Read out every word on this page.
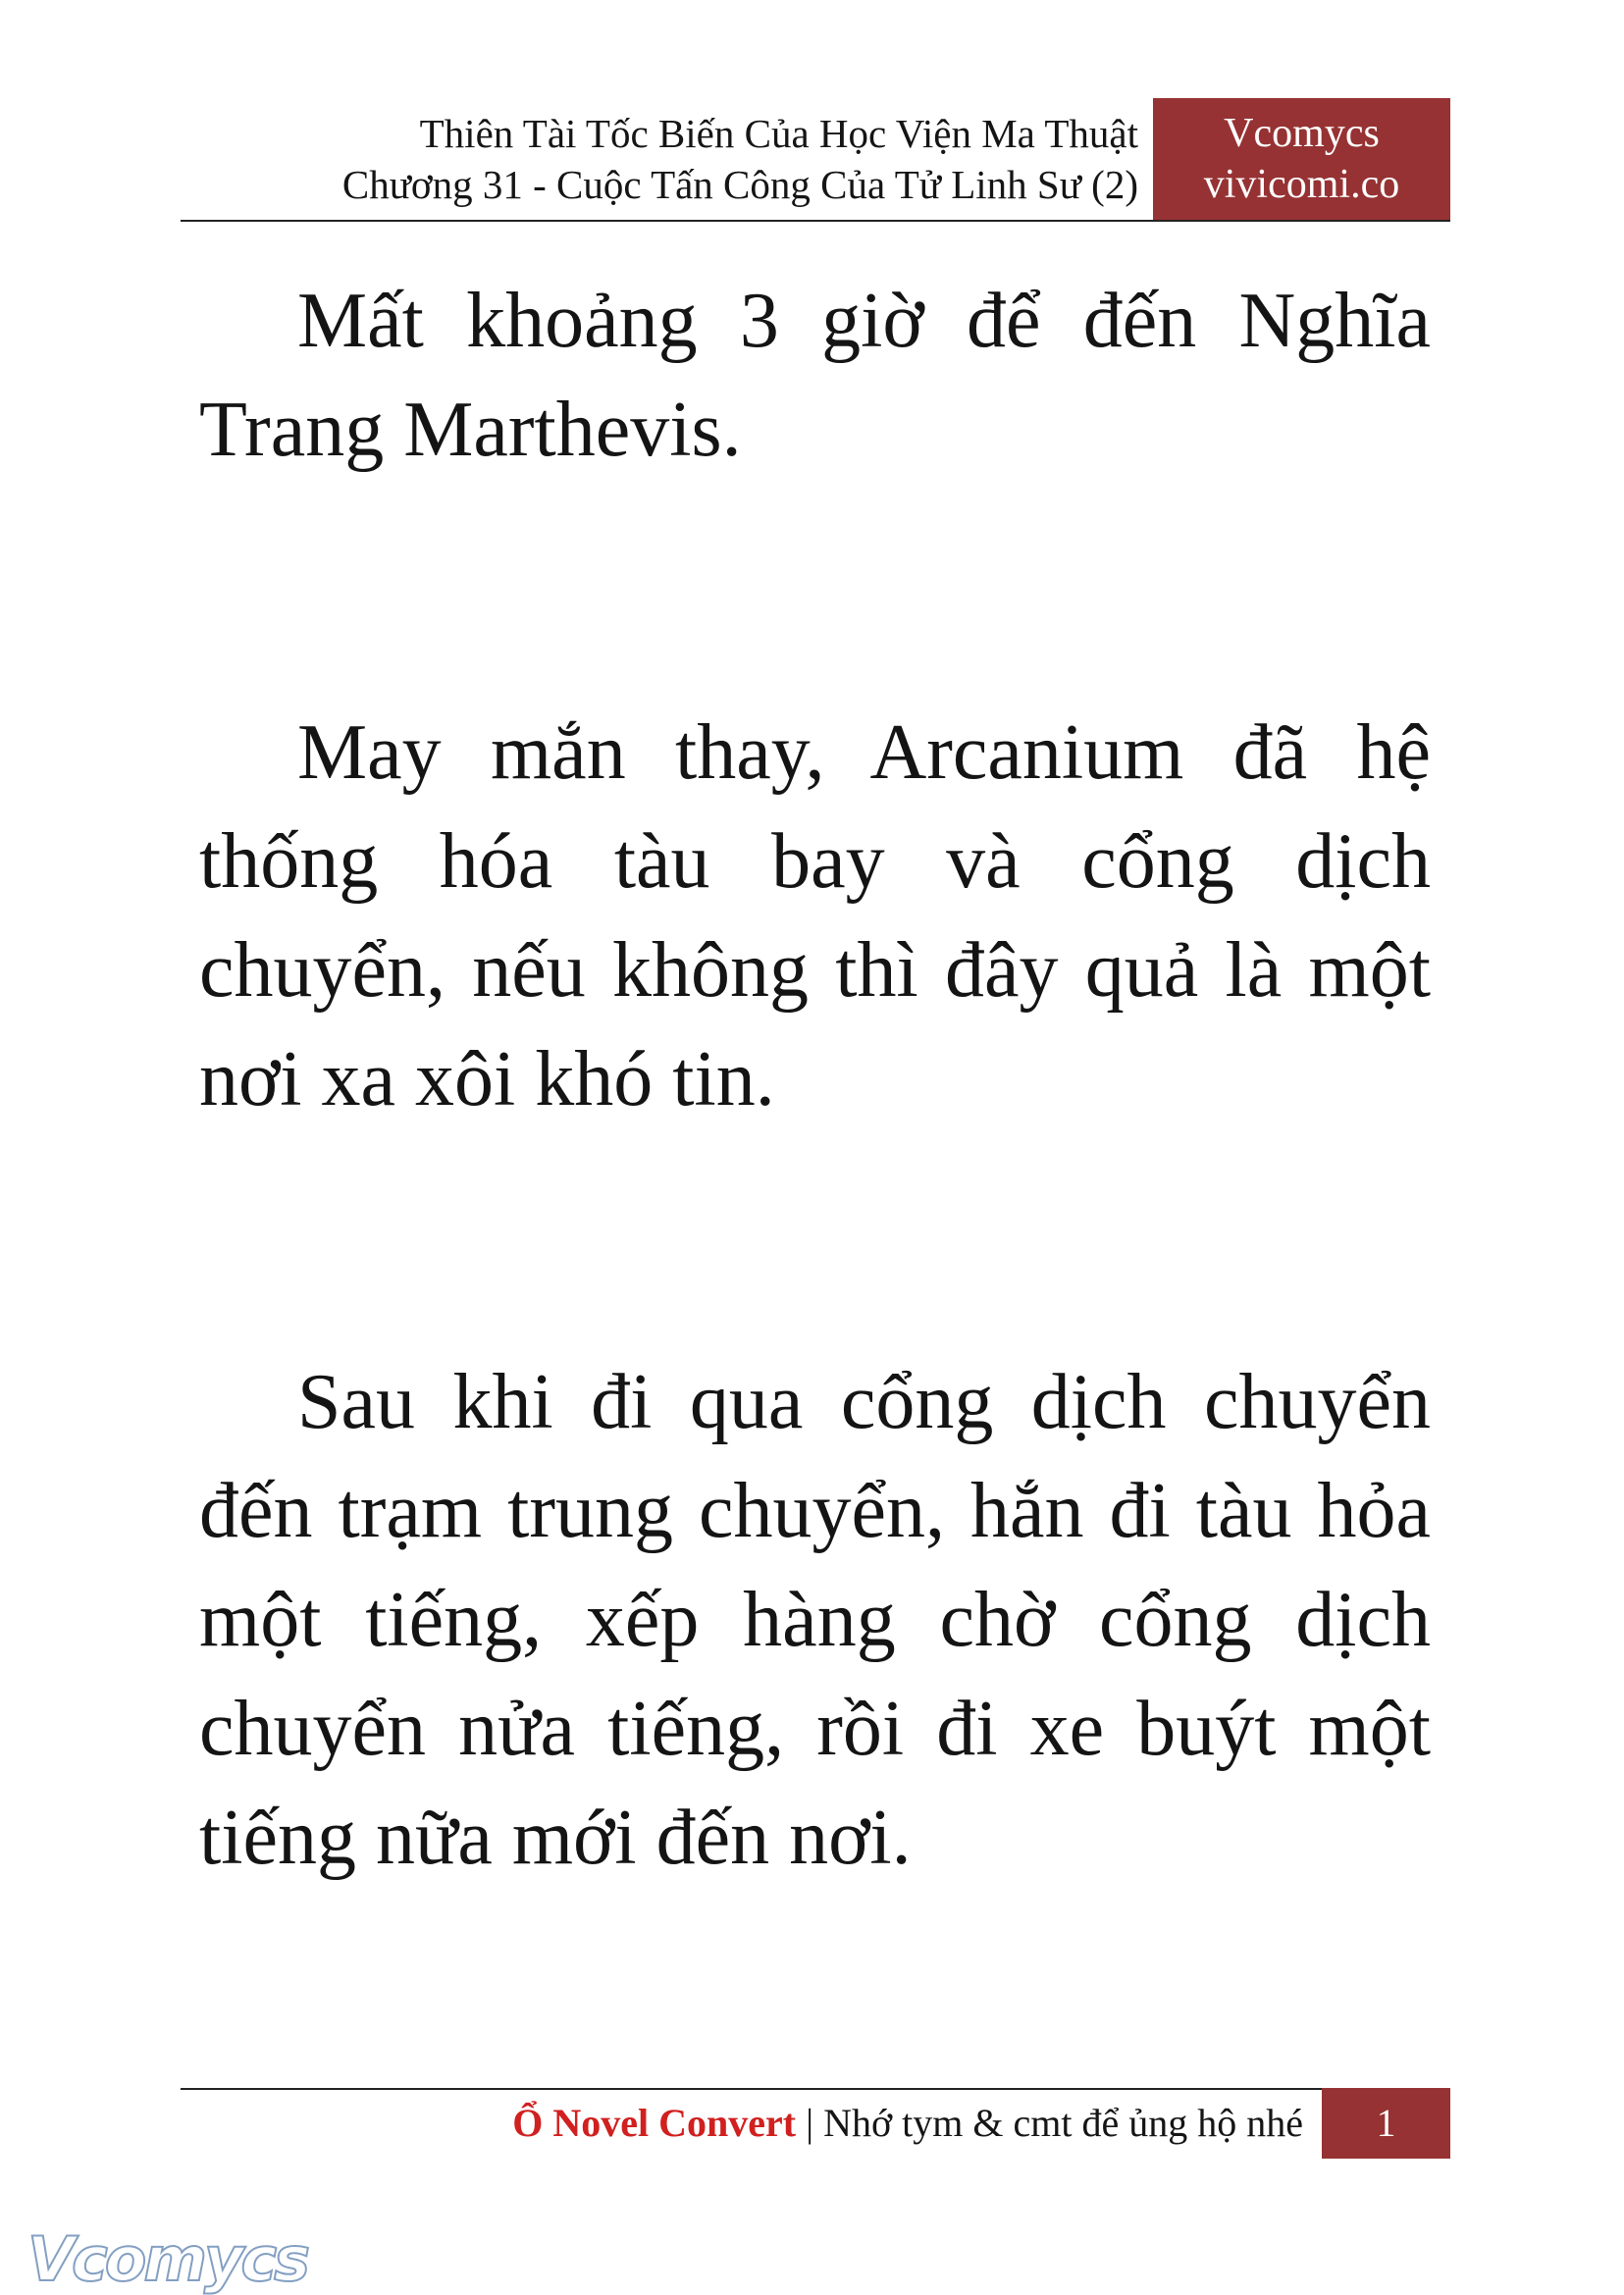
Thiên Tài Tốc Biến Của Học Viện Ma Thuật
Chương 31 - Cuộc Tấn Công Của Tử Linh Sư (2)
Vcomycs
vivicomi.co

Mất khoảng 3 giờ để đến Nghĩa Trang Marthevis.

May mắn thay, Arcanium đã hệ thống hóa tàu bay và cổng dịch chuyển, nếu không thì đây quả là một nơi xa xôi khó tin.

Sau khi đi qua cổng dịch chuyển đến trạm trung chuyển, hắn đi tàu hỏa một tiếng, xếp hàng chờ cổng dịch chuyển nửa tiếng, rồi đi xe buýt một tiếng nữa mới đến nơi.

Ổ Novel Convert | Nhớ tym & cmt để ủng hộ nhé	1
Vcomycs
